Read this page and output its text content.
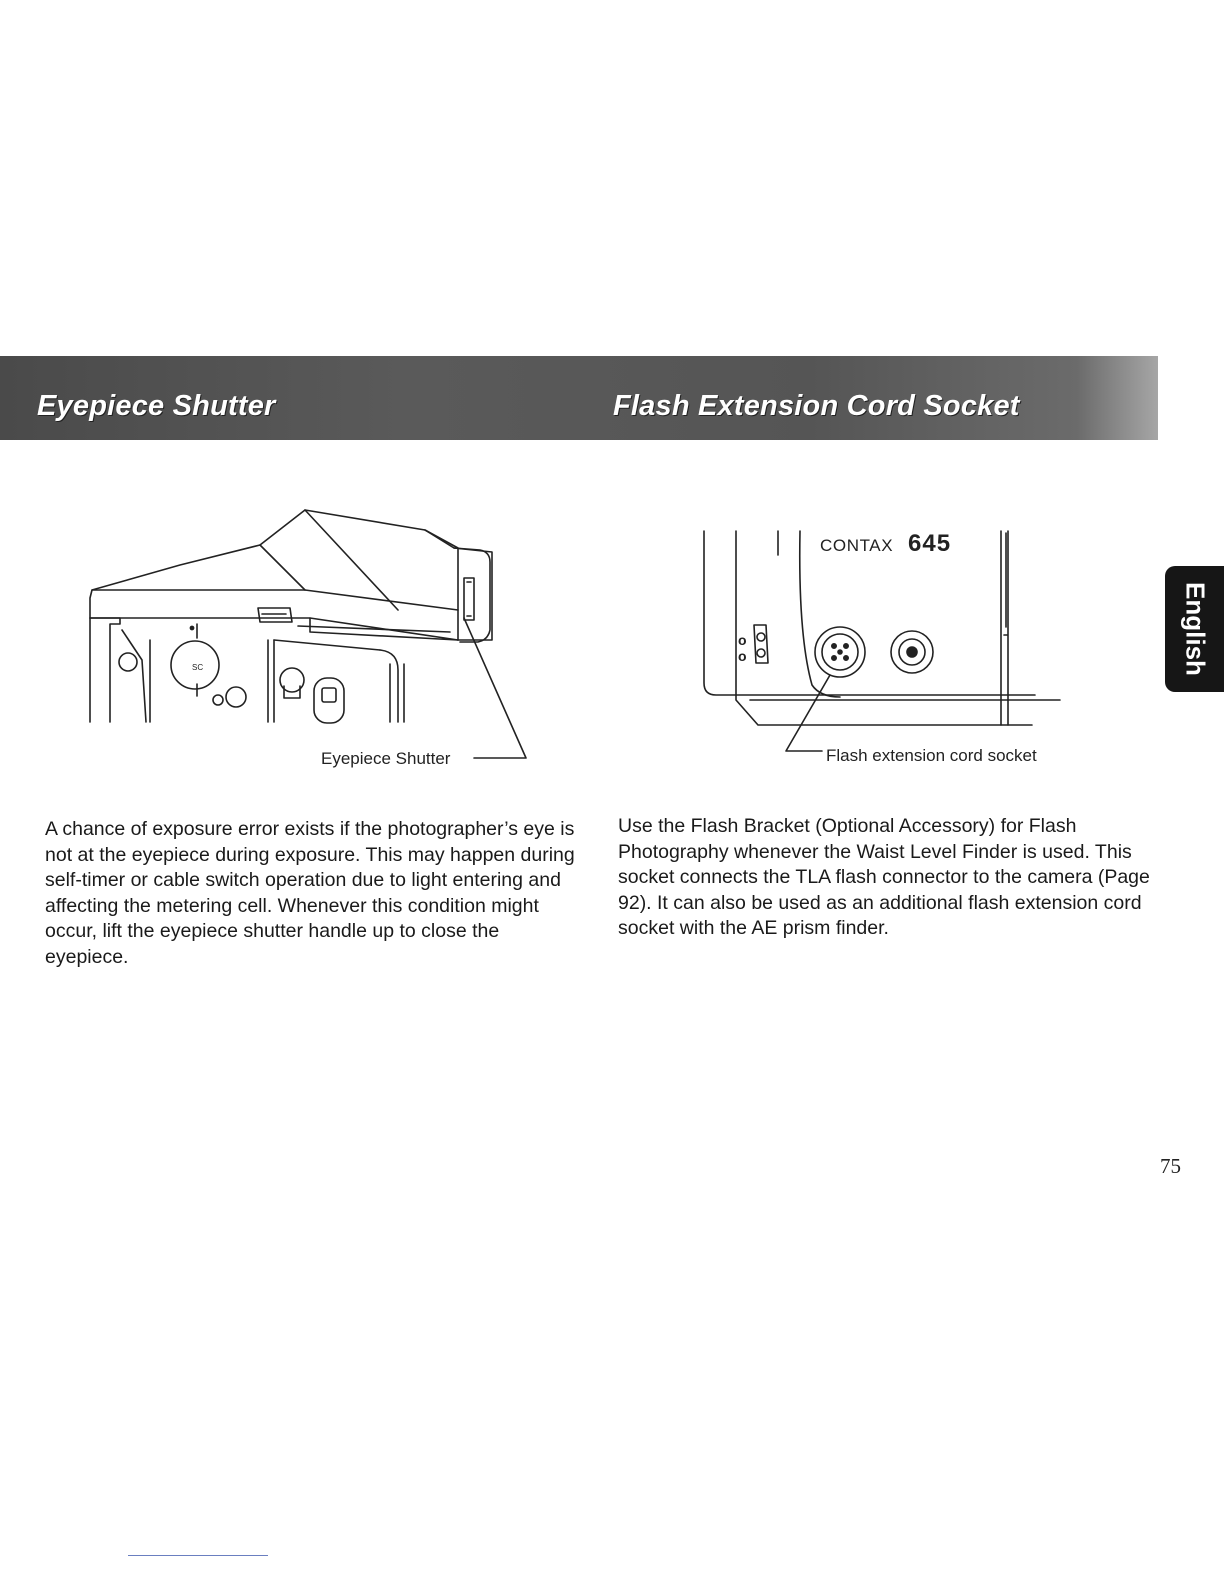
Eyepiece Shutter	Flash Extension Cord Socket
English
SC
Eyepiece Shutter
CONTAX 645
o
o
Flash extension cord socket

A chance of exposure error exists if the photographer’s eye is not at the eyepiece during exposure. This may happen during self-timer or cable switch operation due to light entering and affecting the metering cell. Whenever this condition might occur, lift the eyepiece shutter handle up to close the eyepiece.

Use the Flash Bracket (Optional Accessory) for Flash Photography whenever the Waist Level Finder is used. This socket connects the TLA flash connector to the camera (Page 92). It can also be used as an additional flash extension cord socket with the AE prism finder.

75
